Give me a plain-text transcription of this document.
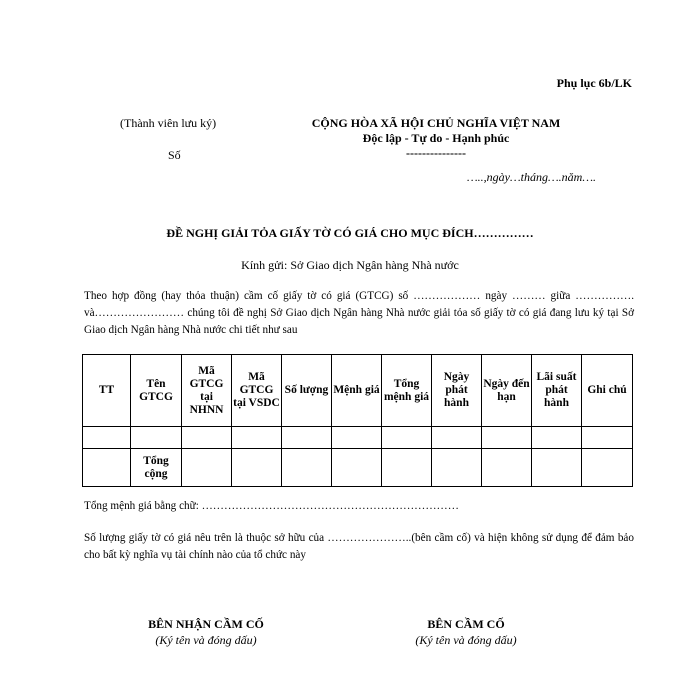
Phụ lục 6b/LK
(Thành viên lưu ký)
Số
CỘNG HÒA XÃ HỘI CHỦ NGHĨA VIỆT NAM
Độc lập - Tự do - Hạnh phúc
---------------
…..,ngày…tháng….năm….
ĐỀ NGHỊ GIẢI TỎA GIẤY TỜ CÓ GIÁ CHO MỤC ĐÍCH……………
Kính gửi: Sở Giao dịch Ngân hàng Nhà nước
Theo hợp đồng (hay thỏa thuận) cầm cố giấy tờ có giá (GTCG) số ……………… ngày ……… giữa ……………. và…………………… chúng tôi đề nghị Sở Giao dịch Ngân hàng Nhà nước giải tỏa số giấy tờ có giá đang lưu ký tại Sở Giao dịch Ngân hàng Nhà nước chi tiết như sau
TT	Tên GTCG	Mã GTCG tại NHNN	Mã GTCG tại VSDC	Số lượng	Mệnh giá	Tổng mệnh giá	Ngày phát hành	Ngày đến hạn	Lãi suất phát hành	Ghi chú

	Tổng cộng									
Tổng mệnh giá bằng chữ: ……………………………………………………………
Số lượng giấy tờ có giá nêu trên là thuộc sở hữu của …………………..(bên cầm cố) và hiện không sử dụng để đảm bảo cho bất kỳ nghĩa vụ tài chính nào của tổ chức này
BÊN NHẬN CẦM CỐ
(Ký tên và đóng dấu)
BÊN CẦM CỐ
(Ký tên và đóng dấu)
